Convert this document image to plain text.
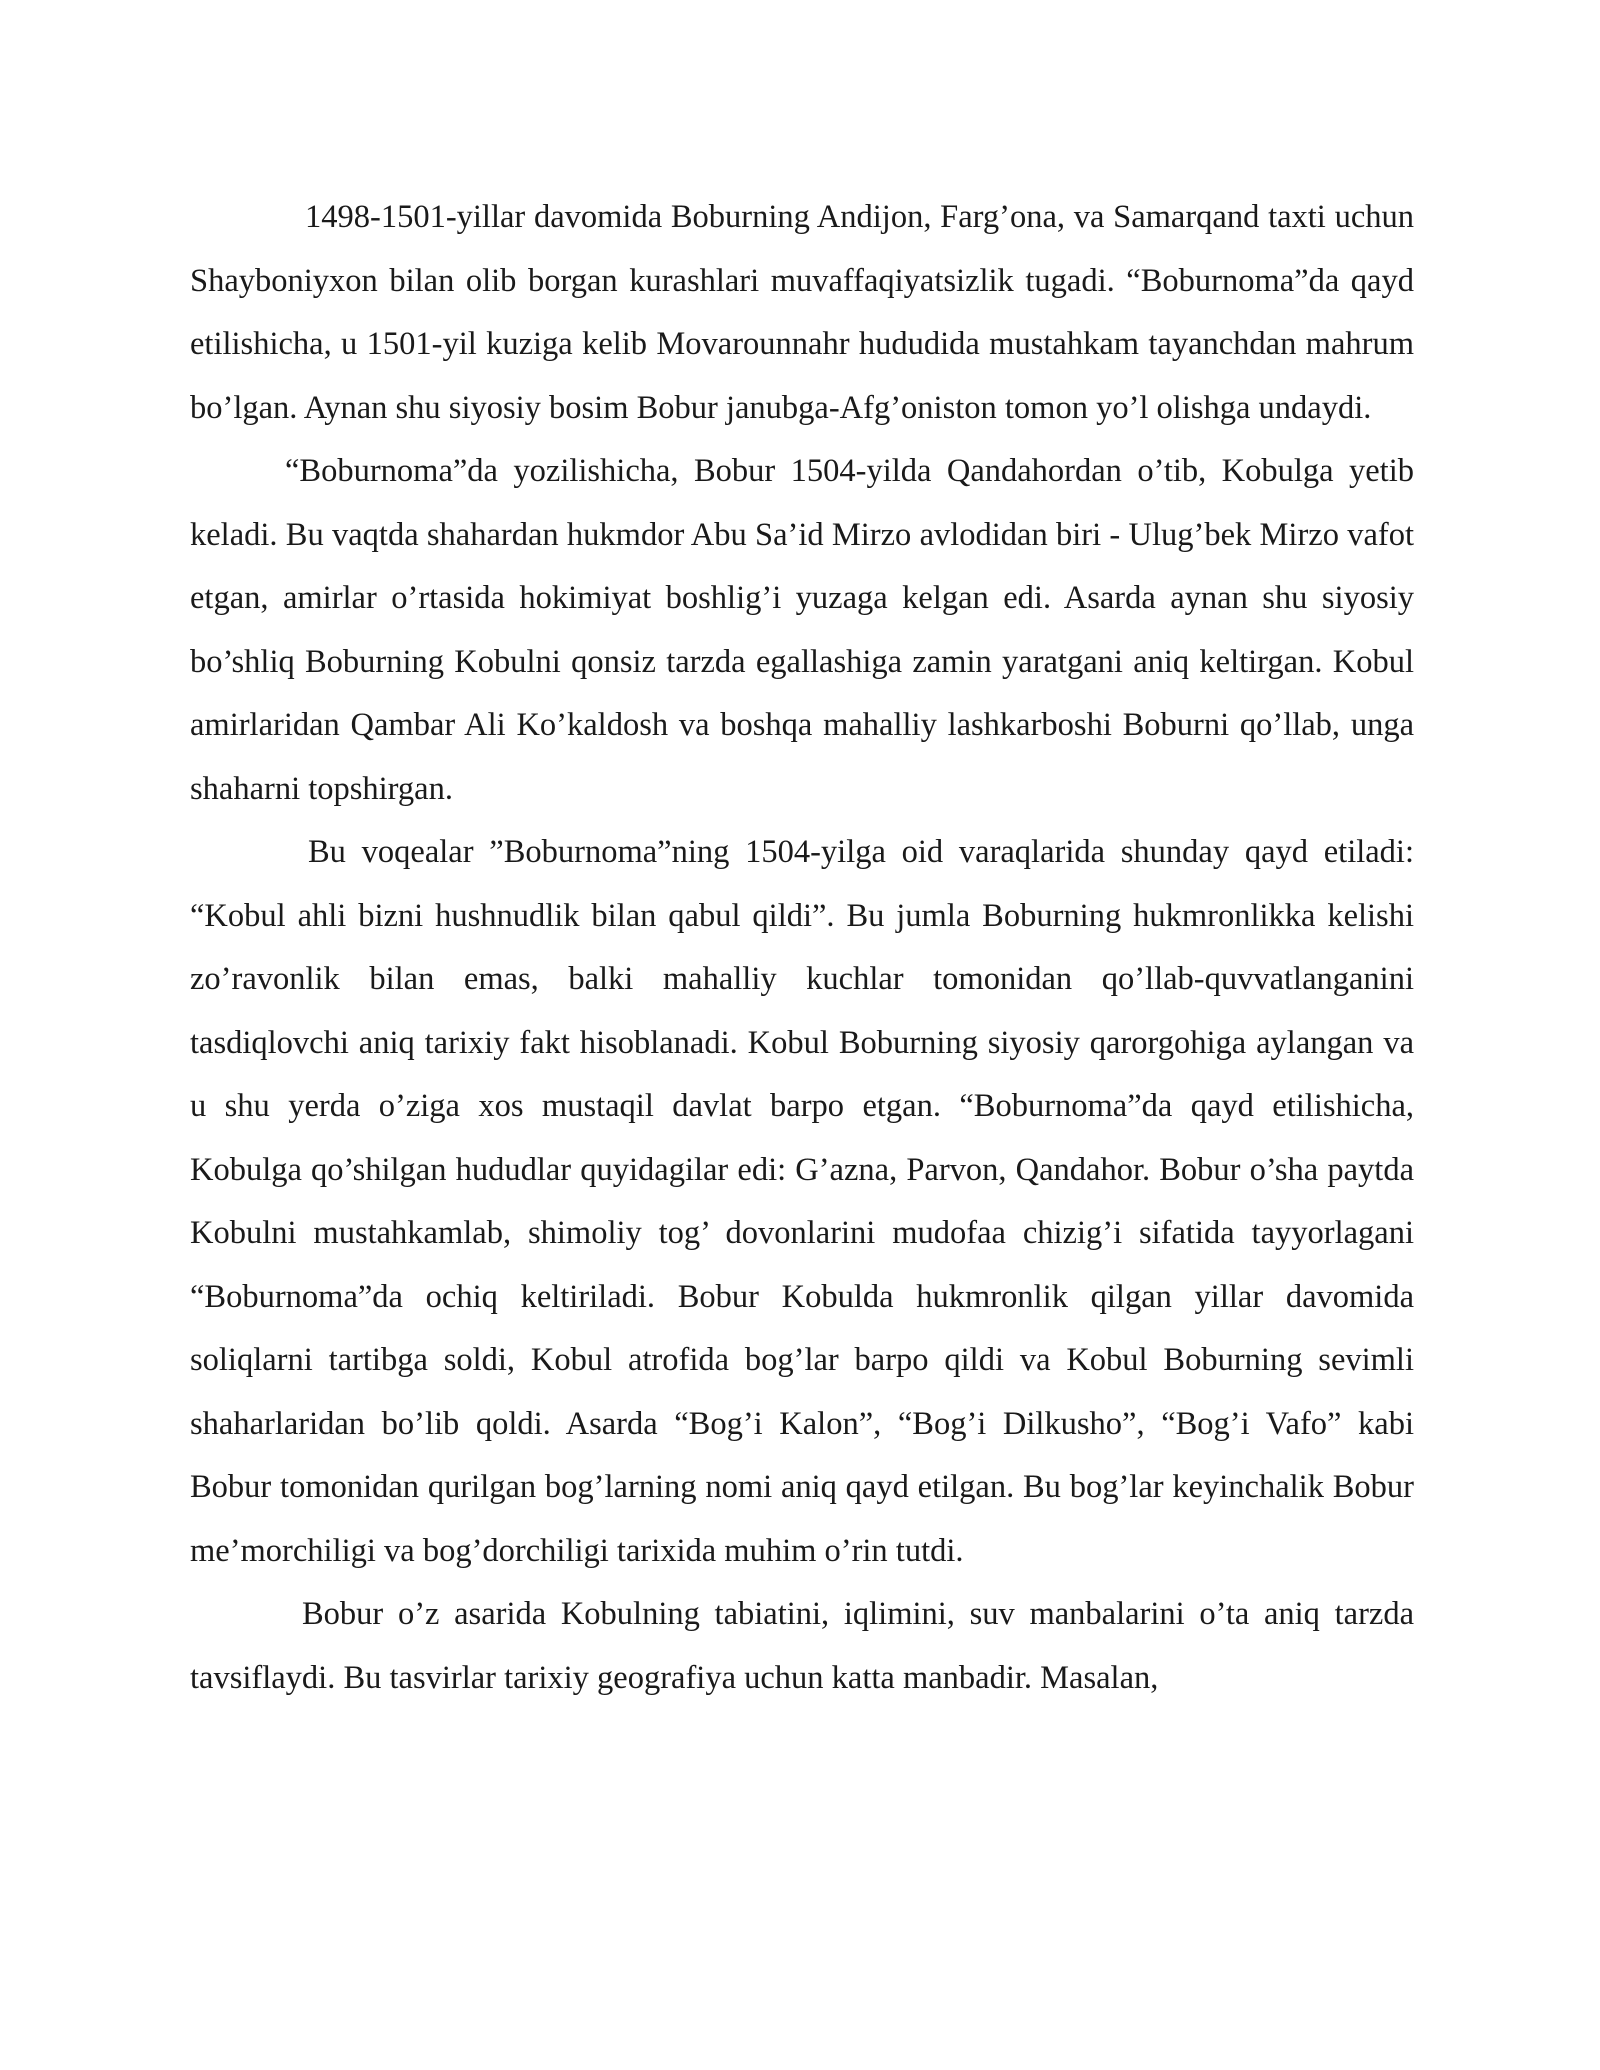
1498-1501-yillar davomida Boburning Andijon, Farg’ona, va Samarqand taxti uchun Shayboniyxon bilan olib borgan kurashlari muvaffaqiyatsizlik tugadi. “Boburnoma”da qayd etilishicha, u 1501-yil kuziga kelib Movarounnahr hududida mustahkam tayanchdan mahrum bo’lgan. Aynan shu siyosiy bosim Bobur janubga-Afg’oniston tomon yo’l olishga undaydi.

“Boburnoma”da yozilishicha, Bobur 1504-yilda Qandahordan o’tib, Kobulga yetib keladi. Bu vaqtda shahardan hukmdor Abu Sa’id Mirzo avlodidan biri - Ulug’bek Mirzo vafot etgan, amirlar o’rtasida hokimiyat boshlig’i yuzaga kelgan edi. Asarda aynan shu siyosiy bo’shliq Boburning Kobulni qonsiz tarzda egallashiga zamin yaratgani aniq keltirgan. Kobul amirlaridan Qambar Ali Ko’kaldosh va boshqa mahalliy lashkarboshi Boburni qo’llab, unga shaharni topshirgan.

Bu voqealar ”Boburnoma”ning 1504-yilga oid varaqlarida shunday qayd etiladi: “Kobul ahli bizni hushnudlik bilan qabul qildi”. Bu jumla Boburning hukmronlikka kelishi zo’ravonlik bilan emas, balki mahalliy kuchlar tomonidan qo’llab-quvvatlanganini tasdiqlovchi aniq tarixiy fakt hisoblanadi. Kobul Boburning siyosiy qarorgohiga aylangan va u shu yerda o’ziga xos mustaqil davlat barpo etgan. “Boburnoma”da qayd etilishicha, Kobulga qo’shilgan hududlar quyidagilar edi: G’azna, Parvon, Qandahor. Bobur o’sha paytda Kobulni mustahkamlab, shimoliy tog’ dovonlarini mudofaa chizig’i sifatida tayyorlagani “Boburnoma”da ochiq keltiriladi. Bobur Kobulda hukmronlik qilgan yillar davomida soliqlarni tartibga soldi, Kobul atrofida bog’lar barpo qildi va Kobul Boburning sevimli shaharlaridan bo’lib qoldi. Asarda “Bog’i Kalon”, “Bog’i Dilkusho”, “Bog’i Vafo” kabi Bobur tomonidan qurilgan bog’larning nomi aniq qayd etilgan. Bu bog’lar keyinchalik Bobur me’morchiligi va bog’dorchiligi tarixida muhim o’rin tutdi.

Bobur o’z asarida Kobulning tabiatini, iqlimini, suv manbalarini o’ta aniq tarzda tavsiflaydi. Bu tasvirlar tarixiy geografiya uchun katta manbadir. Masalan,
